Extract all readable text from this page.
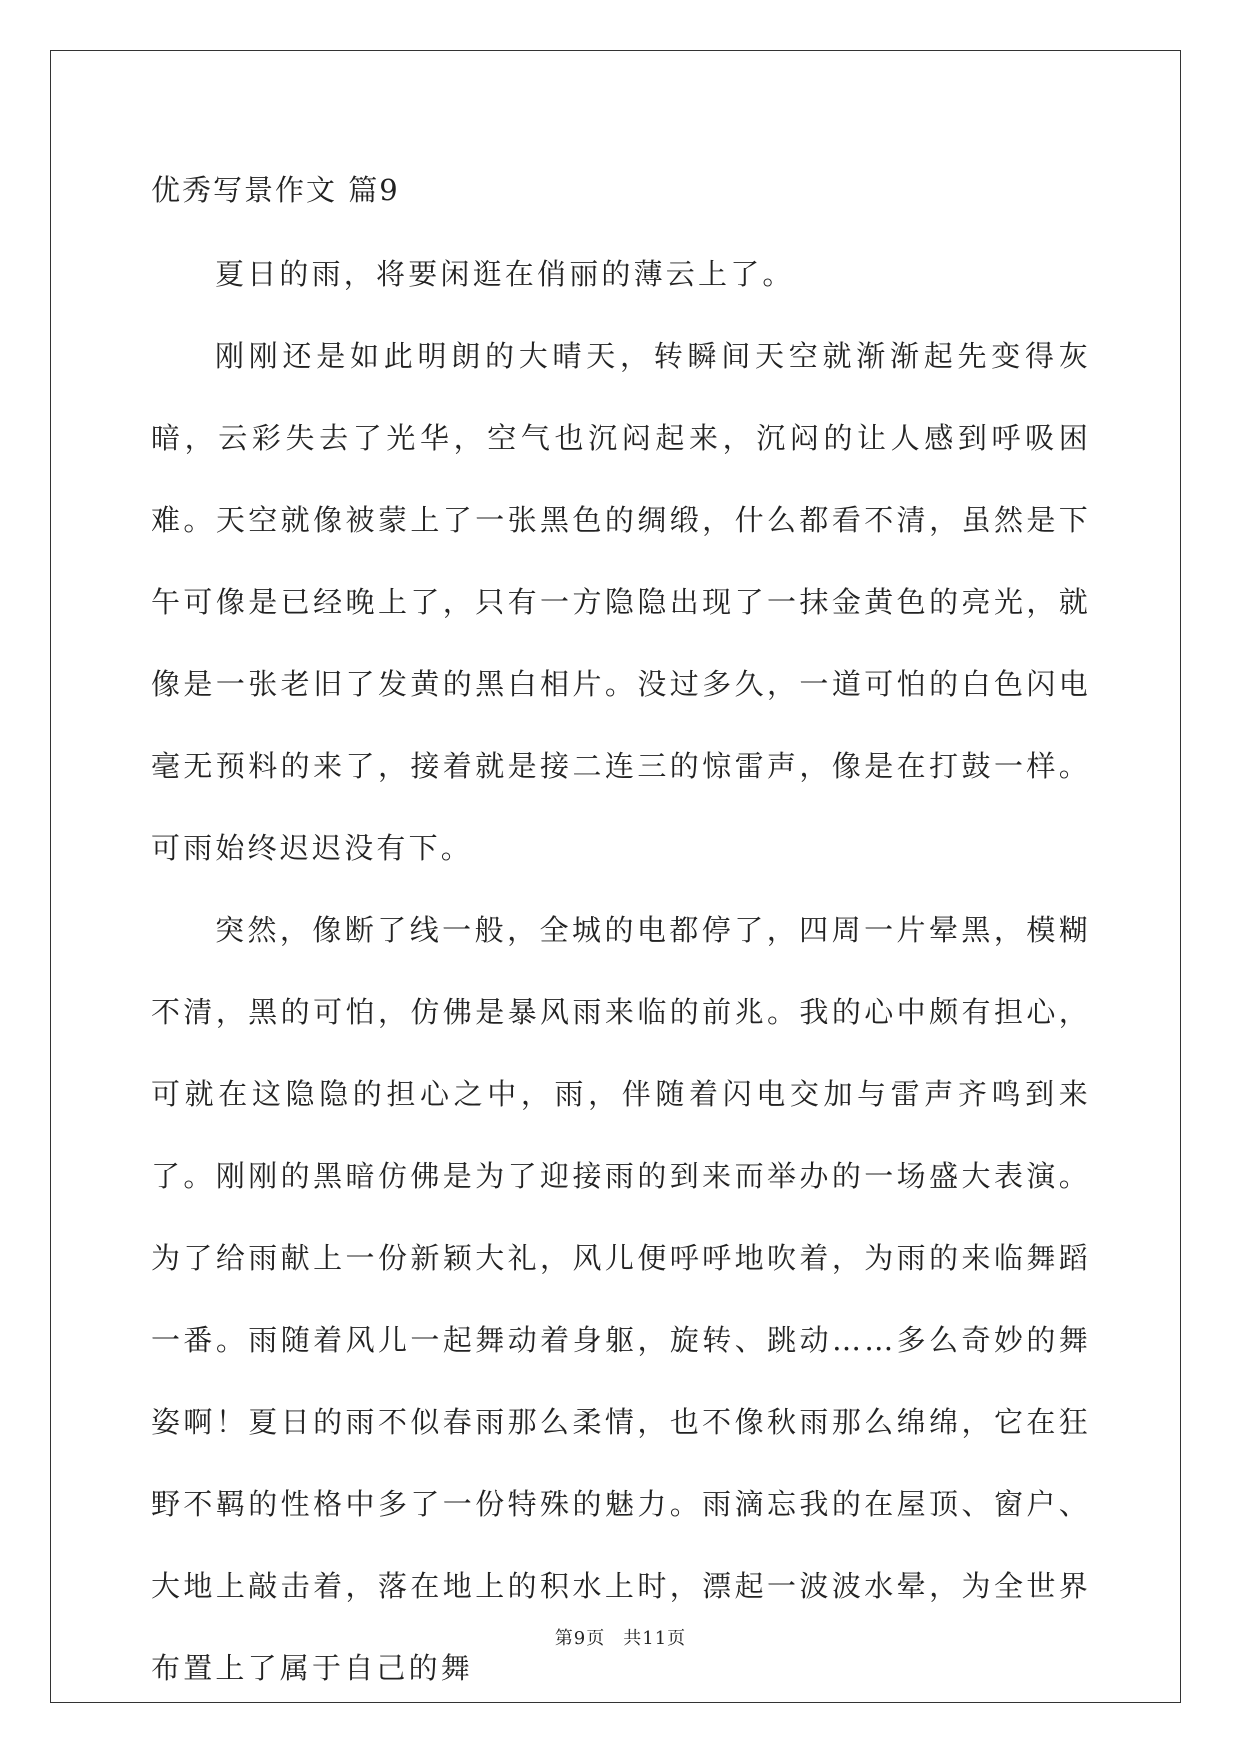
优秀写景作文 篇9

夏日的雨，将要闲逛在俏丽的薄云上了。

刚刚还是如此明朗的大晴天，转瞬间天空就渐渐起先变得灰暗，云彩失去了光华，空气也沉闷起来，沉闷的让人感到呼吸困难。天空就像被蒙上了一张黑色的绸缎，什么都看不清，虽然是下午可像是已经晚上了，只有一方隐隐出现了一抹金黄色的亮光，就像是一张老旧了发黄的黑白相片。没过多久，一道可怕的白色闪电毫无预料的来了，接着就是接二连三的惊雷声，像是在打鼓一样。可雨始终迟迟没有下。

突然，像断了线一般，全城的电都停了，四周一片晕黑，模糊不清，黑的可怕，仿佛是暴风雨来临的前兆。我的心中颇有担心，可就在这隐隐的担心之中，雨，伴随着闪电交加与雷声齐鸣到来了。刚刚的黑暗仿佛是为了迎接雨的到来而举办的一场盛大表演。为了给雨献上一份新颖大礼，风儿便呼呼地吹着，为雨的来临舞蹈一番。雨随着风儿一起舞动着身躯，旋转、跳动……多么奇妙的舞姿啊！夏日的雨不似春雨那么柔情，也不像秋雨那么绵绵，它在狂野不羁的性格中多了一份特殊的魅力。雨滴忘我的在屋顶、窗户、大地上敲击着，落在地上的积水上时，漂起一波波水晕，为全世界布置上了属于自己的舞

第9页 共11页
